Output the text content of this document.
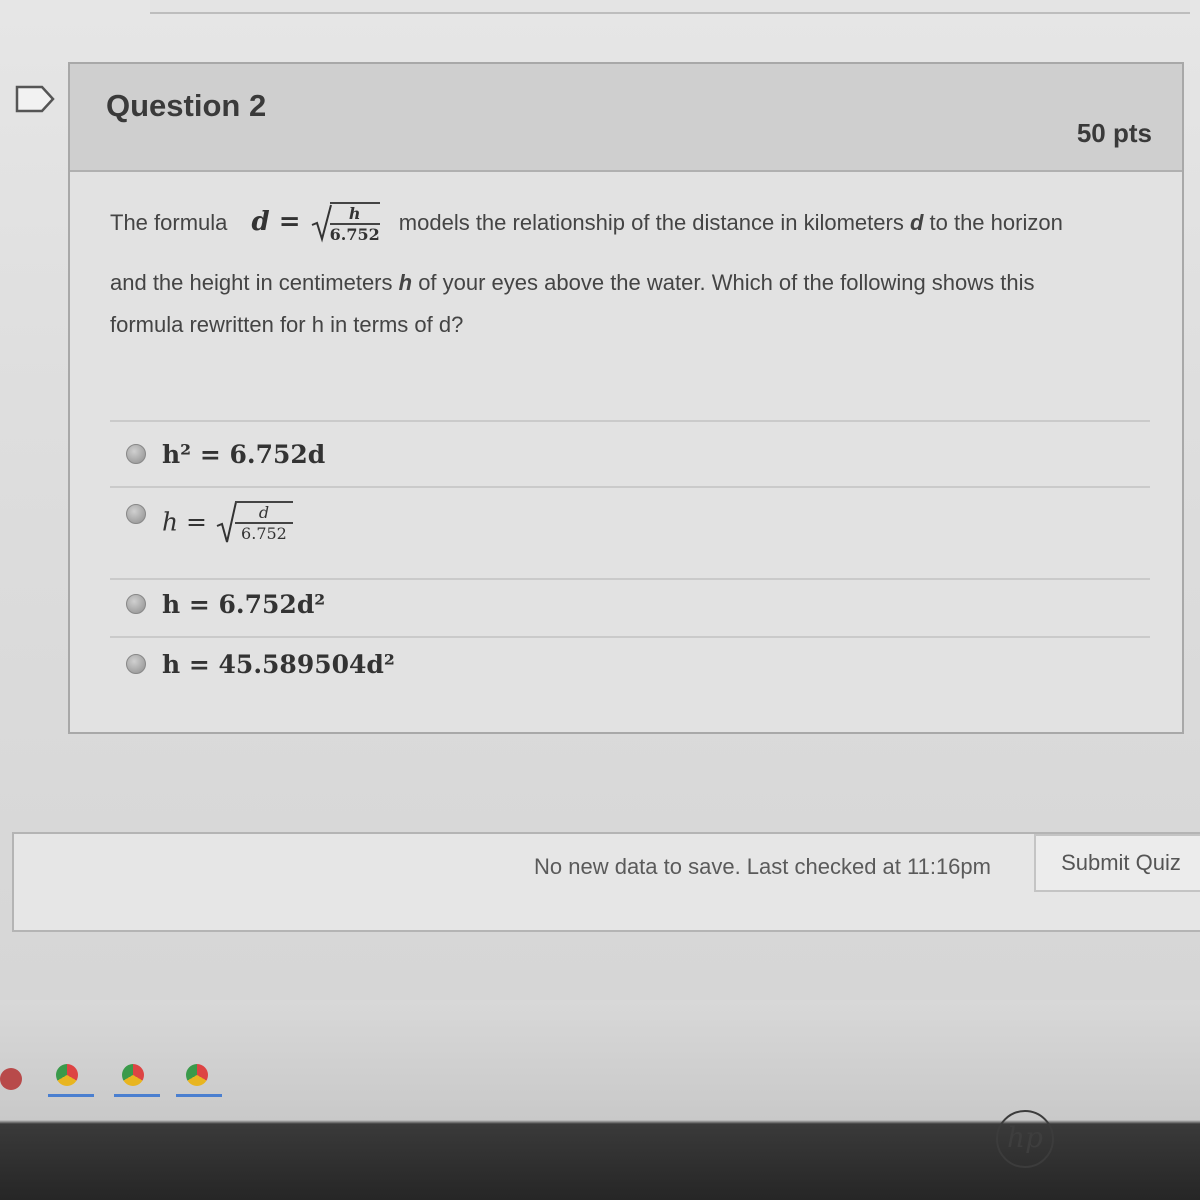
Question 2
50 pts
The formula $d = \frac{h}{6.752}$ models the relationship of the distance in kilometers d to the horizon
and the height in centimeters h of your eyes above the water. Which of the following shows this
formula rewritten for h in terms of d?
h² = 6.752d
$h = \frac{d}{6.752}$
h = 6.752d²
h = 45.589504d²
No new data to save. Last checked at 11:16pm	Submit Quiz
hp
